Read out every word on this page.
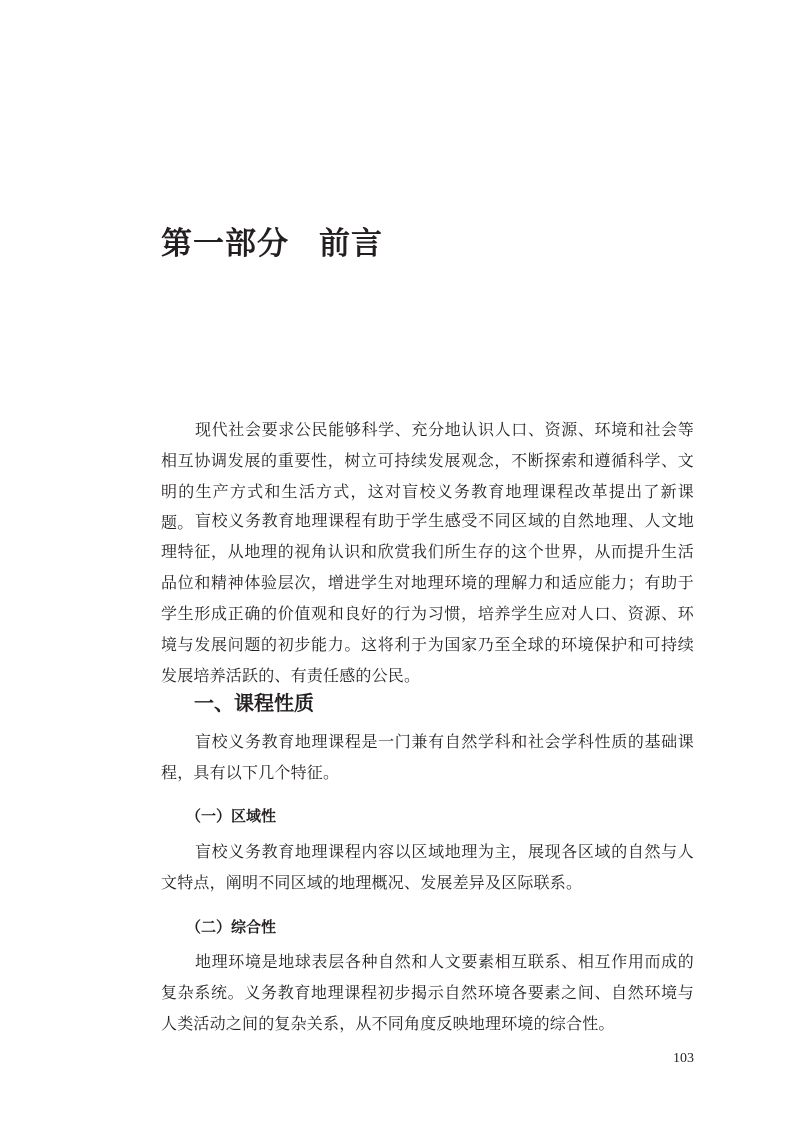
第一部分 前言

现代社会要求公民能够科学、充分地认识人口、资源、环境和社会等相互协调发展的重要性，树立可持续发展观念，不断探索和遵循科学、文明的生产方式和生活方式，这对盲校义务教育地理课程改革提出了新课题。 盲校义务教育地理课程有助于学生感受不同区域的自然地理、人文地理特征，从地理的视角认识和欣赏我们所生存的这个世界，从而提升生活品位和精神体验层次，增进学生对地理环境的理解力和适应能力；有助于学生形成正确的价值观和良好的行为习惯，培养学生应对人口、资源、环境与发展问题的初步能力。这将利于为国家乃至全球的环境保护和可持续发展培养活跃的、有责任感的公民。

一、课程性质

盲校义务教育地理课程是一门兼有自然学科和社会学科性质的基础课程，具有以下几个特征。

（一）区域性

盲校义务教育地理课程内容以区域地理为主，展现各区域的自然与人文特点，阐明不同区域的地理概况、发展差异及区际联系。

（二）综合性

地理环境是地球表层各种自然和人文要素相互联系、相互作用而成的复杂系统。义务教育地理课程初步揭示自然环境各要素之间、自然环境与人类活动之间的复杂关系，从不同角度反映地理环境的综合性。

103
